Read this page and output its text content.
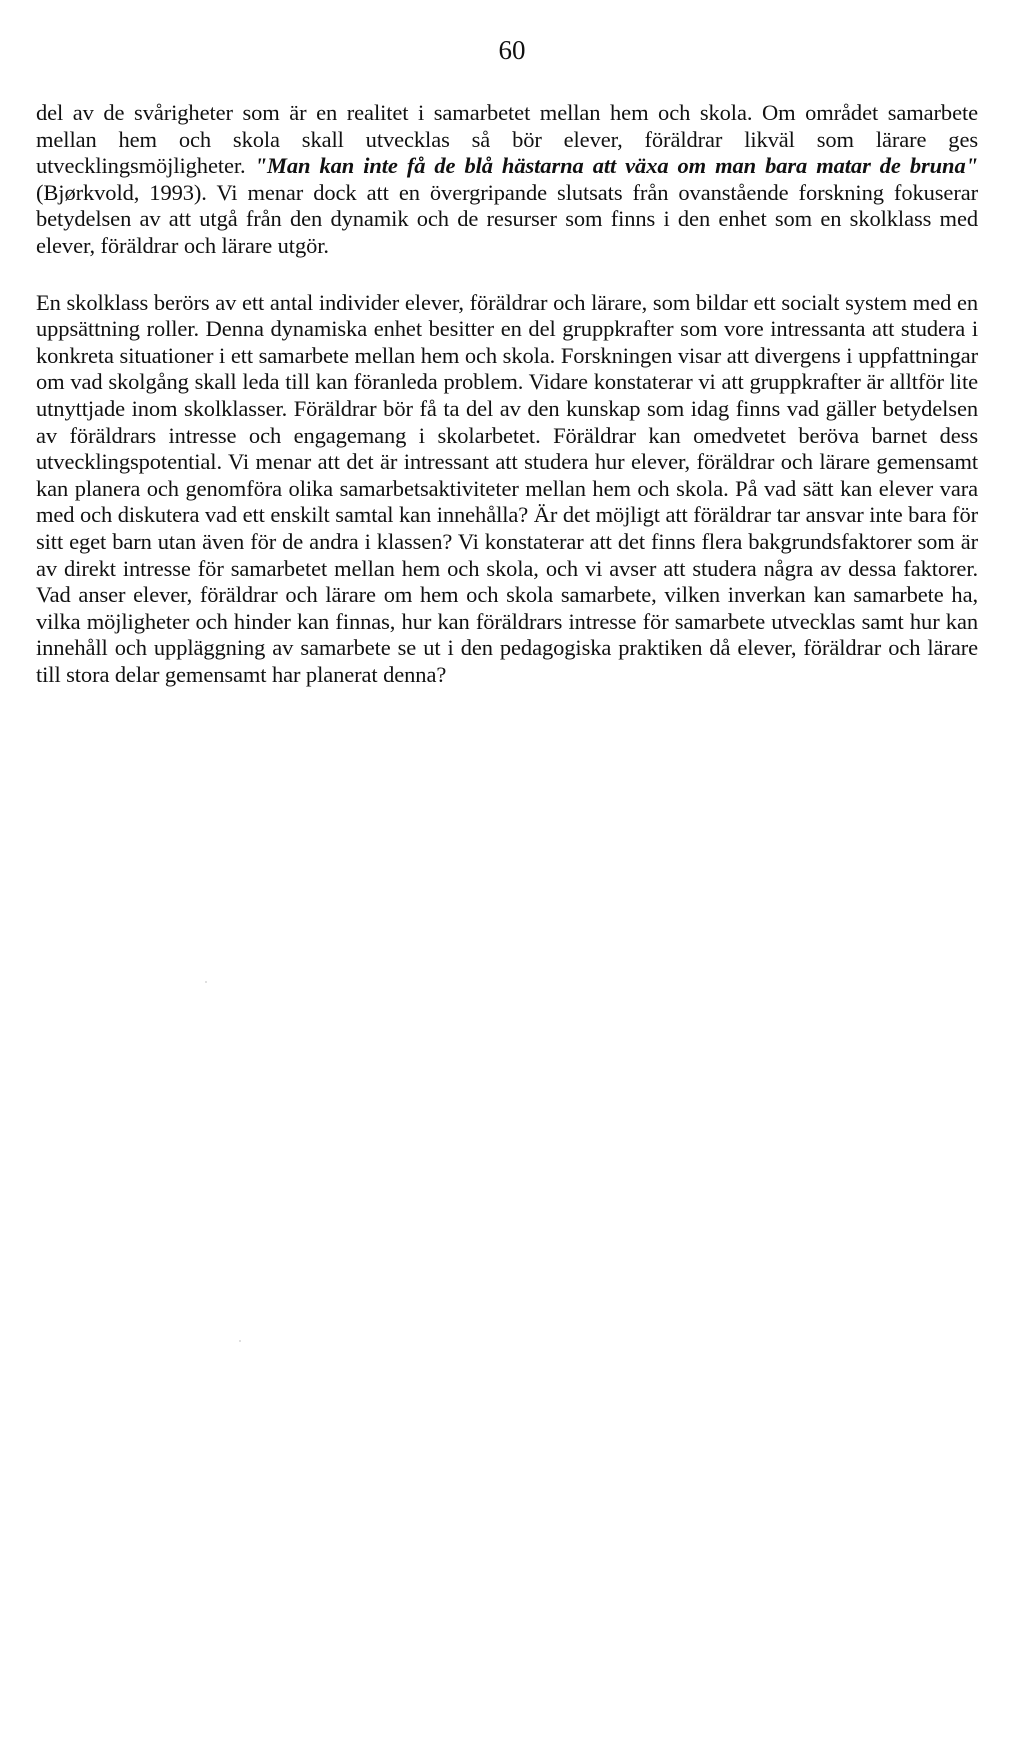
60

del av de svårigheter som är en realitet i samarbetet mellan hem och skola. Om området samarbete mellan hem och skola skall utvecklas så bör elever, föräldrar likväl som lärare ges utvecklingsmöjligheter. "Man kan inte få de blå hästarna att växa om man bara matar de bruna" (Bjørkvold, 1993). Vi menar dock att en övergripande slutsats från ovanstående forskning fokuserar betydelsen av att utgå från den dynamik och de resurser som finns i den enhet som en skolklass med elever, föräldrar och lärare utgör.

En skolklass berörs av ett antal individer elever, föräldrar och lärare, som bildar ett socialt system med en uppsättning roller. Denna dynamiska enhet besitter en del gruppkrafter som vore intressanta att studera i konkreta situationer i ett samarbete mellan hem och skola. Forskningen visar att divergens i uppfattningar om vad skolgång skall leda till kan föranleda problem. Vidare konstaterar vi att gruppkrafter är alltför lite utnyttjade inom skolklasser. Föräldrar bör få ta del av den kunskap som idag finns vad gäller betydelsen av föräldrars intresse och engagemang i skolarbetet. Föräldrar kan omedvetet beröva barnet dess utvecklingspotential. Vi menar att det är intressant att studera hur elever, föräldrar och lärare gemensamt kan planera och genomföra olika samarbetsaktiviteter mellan hem och skola. På vad sätt kan elever vara med och diskutera vad ett enskilt samtal kan innehålla? Är det möjligt att föräldrar tar ansvar inte bara för sitt eget barn utan även för de andra i klassen? Vi konstaterar att det finns flera bakgrundsfaktorer som är av direkt intresse för samarbetet mellan hem och skola, och vi avser att studera några av dessa faktorer. Vad anser elever, föräldrar och lärare om hem och skola samarbete, vilken inverkan kan samarbete ha, vilka möjligheter och hinder kan finnas, hur kan föräldrars intresse för samarbete utvecklas samt hur kan innehåll och uppläggning av samarbete se ut i den pedagogiska praktiken då elever, föräldrar och lärare till stora delar gemensamt har planerat denna?
